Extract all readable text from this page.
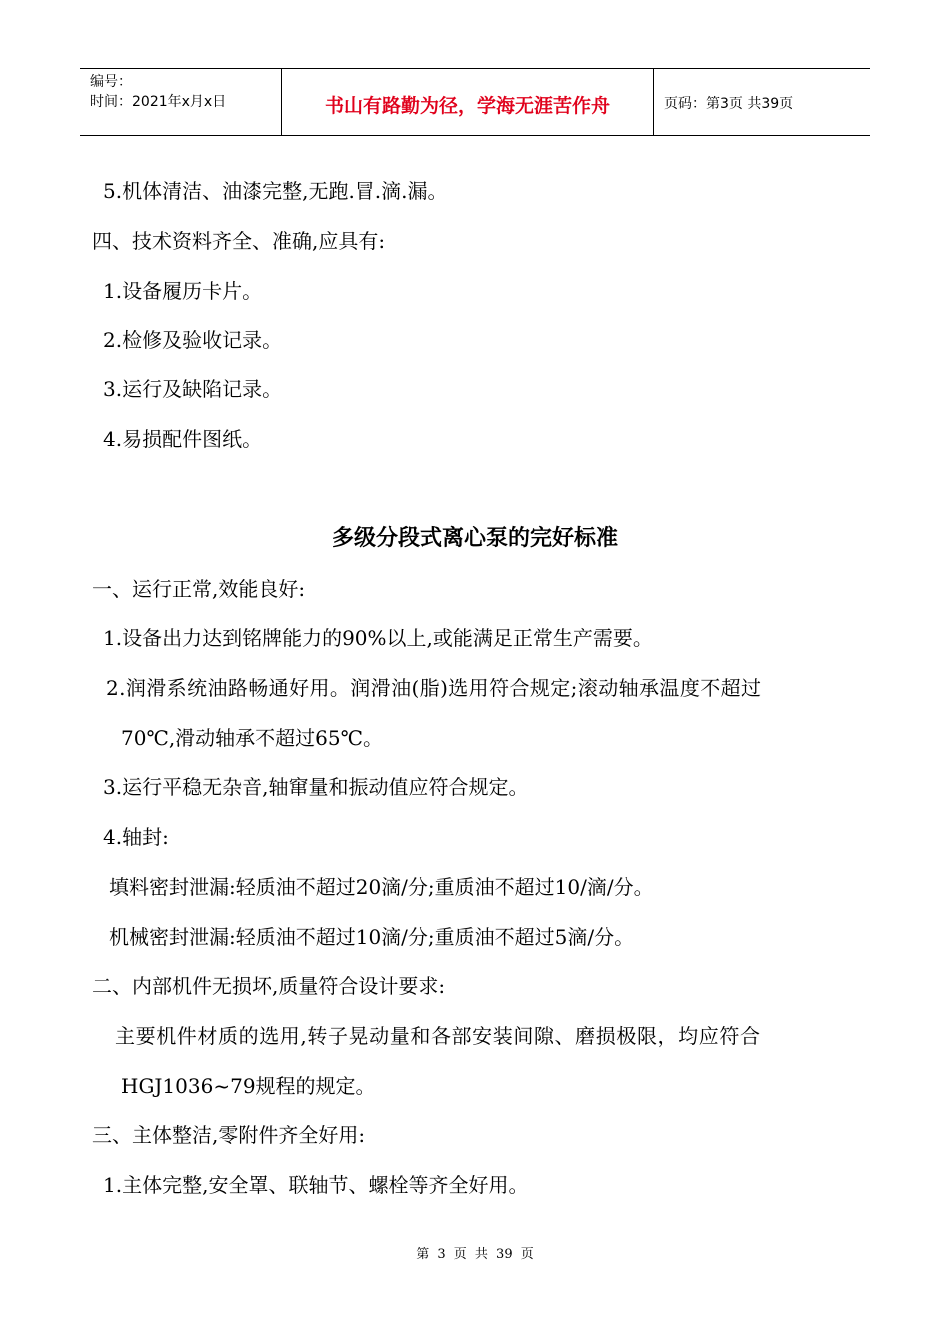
编号：
时间：2021年x月x日	书山有路勤为径，学海无涯苦作舟	页码：第3页 共39页
5.机体清洁、油漆完整,无跑.冒.滴.漏。
四、技术资料齐全、准确,应具有:
1.设备履历卡片。
2.检修及验收记录。
3.运行及缺陷记录。
4.易损配件图纸。
多级分段式离心泵的完好标准
一、运行正常,效能良好:
1.设备出力达到铭牌能力的90%以上,或能满足正常生产需要。
2.润滑系统油路畅通好用。润滑油(脂)选用符合规定;滚动轴承温度不超过
70℃,滑动轴承不超过65℃。
3.运行平稳无杂音,轴窜量和振动值应符合规定。
4.轴封:
填料密封泄漏:轻质油不超过20滴/分;重质油不超过10/滴/分。
机械密封泄漏:轻质油不超过10滴/分;重质油不超过5滴/分。
二、内部机件无损坏,质量符合设计要求:
主要机件材质的选用,转子晃动量和各部安装间隙、磨损极限，均应符合
HGJ1036~79规程的规定。
三、主体整洁,零附件齐全好用:
1.主体完整,安全罩、联轴节、螺栓等齐全好用。
第 3 页 共 39 页
